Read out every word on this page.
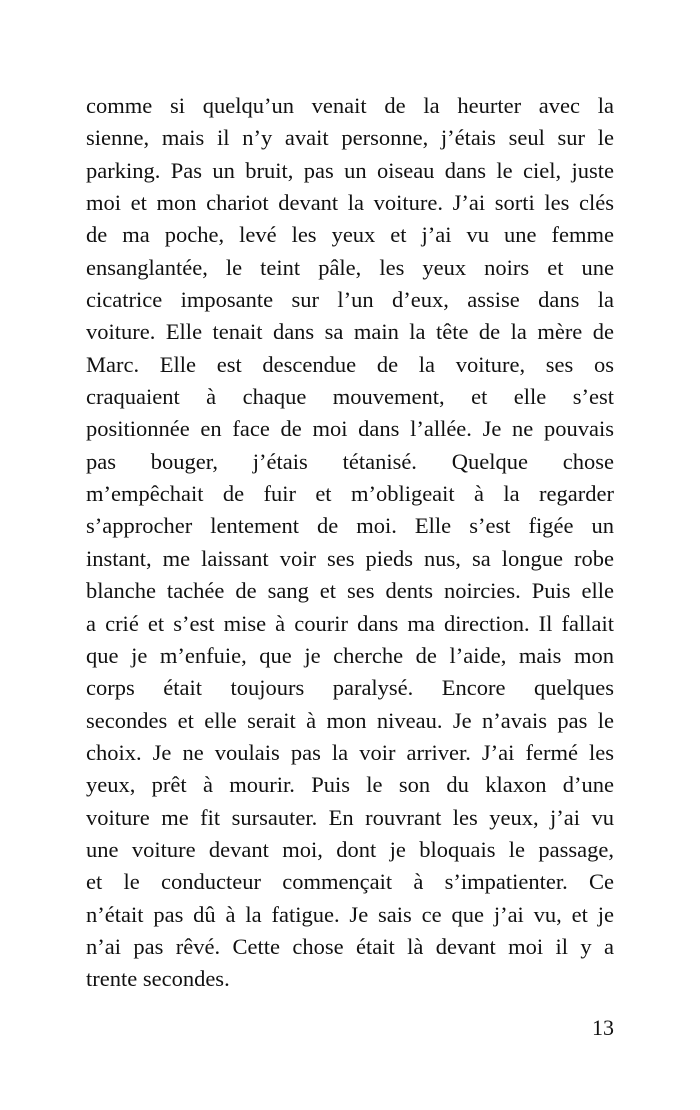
comme si quelqu’un venait de la heurter avec la
sienne, mais il n’y avait personne, j’étais seul sur le
parking. Pas un bruit, pas un oiseau dans le ciel, juste
moi et mon chariot devant la voiture. J’ai sorti les clés
de ma poche, levé les yeux et j’ai vu une femme
ensanglantée, le teint pâle, les yeux noirs et une
cicatrice imposante sur l’un d’eux, assise dans la
voiture. Elle tenait dans sa main la tête de la mère de
Marc. Elle est descendue de la voiture, ses os
craquaient à chaque mouvement, et elle s’est
positionnée en face de moi dans l’allée. Je ne pouvais
pas bouger, j’étais tétanisé. Quelque chose
m’empêchait de fuir et m’obligeait à la regarder
s’approcher lentement de moi. Elle s’est figée un
instant, me laissant voir ses pieds nus, sa longue robe
blanche tachée de sang et ses dents noircies. Puis elle
a crié et s’est mise à courir dans ma direction. Il fallait
que je m’enfuie, que je cherche de l’aide, mais mon
corps était toujours paralysé. Encore quelques
secondes et elle serait à mon niveau. Je n’avais pas le
choix. Je ne voulais pas la voir arriver. J’ai fermé les
yeux, prêt à mourir. Puis le son du klaxon d’une
voiture me fit sursauter. En rouvrant les yeux, j’ai vu
une voiture devant moi, dont je bloquais le passage,
et le conducteur commençait à s’impatienter. Ce
n’était pas dû à la fatigue. Je sais ce que j’ai vu, et je
n’ai pas rêvé. Cette chose était là devant moi il y a
trente secondes.
13
